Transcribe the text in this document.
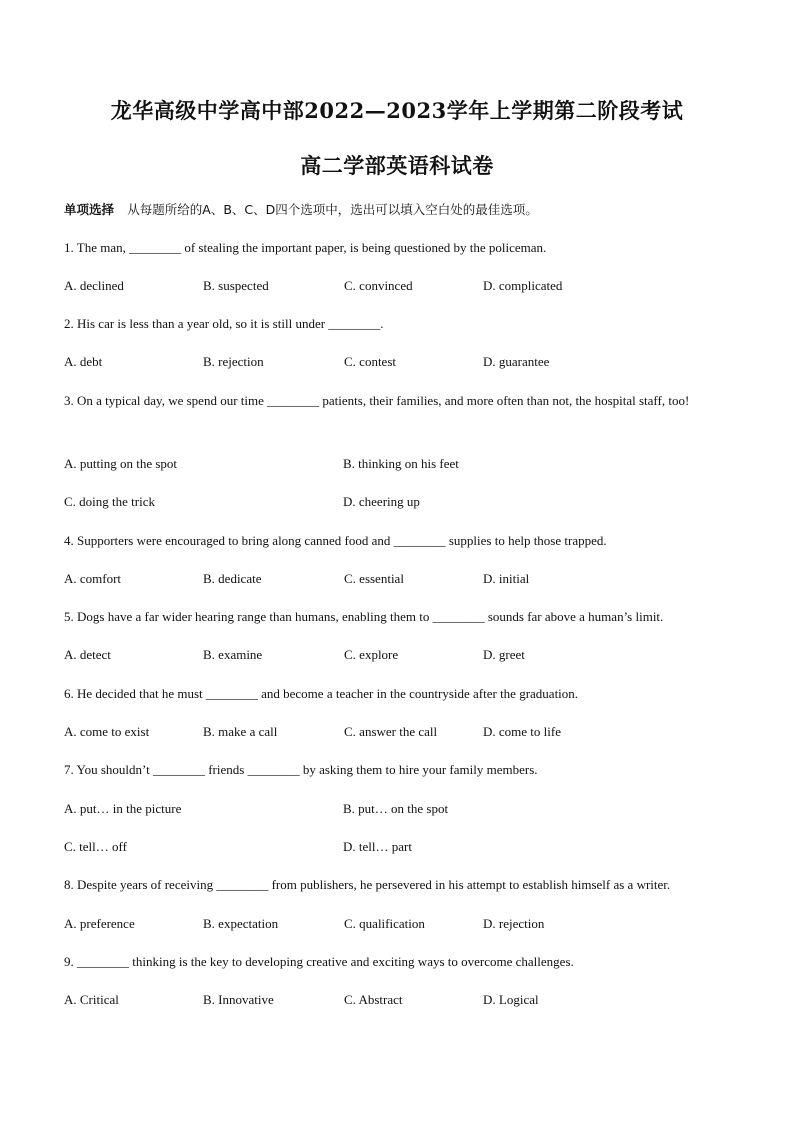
龙华高级中学高中部2022—2023学年上学期第二阶段考试
高二学部英语科试卷
单项选择 从每题所给的A、B、C、D四个选项中，选出可以填入空白处的最佳选项。
1. The man, ________ of stealing the important paper, is being questioned by the policeman.
A. declined	B. suspected	C. convinced	D. complicated
2. His car is less than a year old, so it is still under ________.
A. debt	B. rejection	C. contest	D. guarantee
3. On a typical day, we spend our time ________ patients, their families, and more often than not, the hospital staff, too!
A. putting on the spot	B. thinking on his feet
C. doing the trick	D. cheering up
4. Supporters were encouraged to bring along canned food and ________ supplies to help those trapped.
A. comfort	B. dedicate	C. essential	D. initial
5. Dogs have a far wider hearing range than humans, enabling them to ________ sounds far above a human’s limit.
A. detect	B. examine	C. explore	D. greet
6. He decided that he must ________ and become a teacher in the countryside after the graduation.
A. come to exist	B. make a call	C. answer the call	D. come to life
7. You shouldn’t ________ friends ________ by asking them to hire your family members.
A. put… in the picture	B. put… on the spot
C. tell… off	D. tell… part
8. Despite years of receiving ________ from publishers, he persevered in his attempt to establish himself as a writer.
A. preference	B. expectation	C. qualification	D. rejection
9. ________ thinking is the key to developing creative and exciting ways to overcome challenges.
A. Critical	B. Innovative	C. Abstract	D. Logical
